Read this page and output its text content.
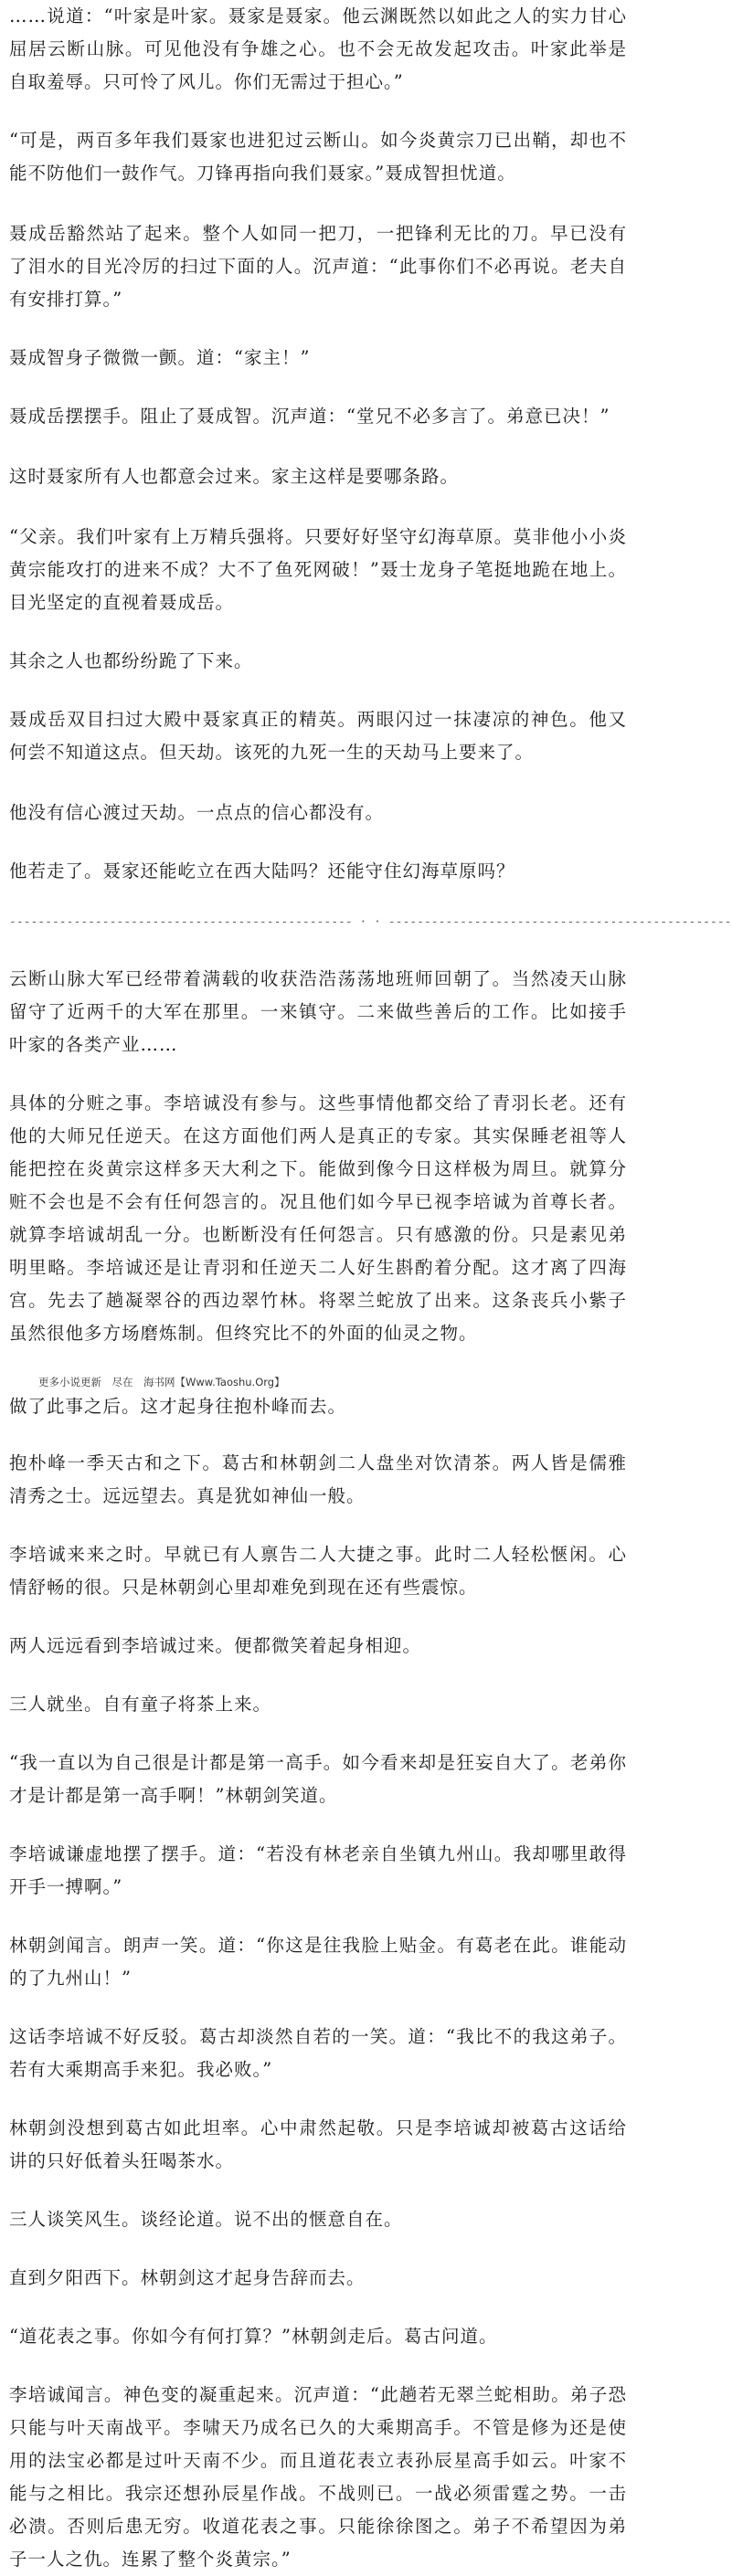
……说道：“叶家是叶家。聂家是聂家。他云渊既然以如此之人的实力甘心屈居云断山脉。可见他没有争雄之心。也不会无故发起攻击。叶家此举是自取羞辱。只可怜了风儿。你们无需过于担心。”

“可是，两百多年我们聂家也进犯过云断山。如今炎黄宗刀已出鞘，却也不能不防他们一鼓作气。刀锋再指向我们聂家。”聂成智担忧道。

聂成岳豁然站了起来。整个人如同一把刀，一把锋利无比的刀。早已没有了泪水的目光冷厉的扫过下面的人。沉声道：“此事你们不必再说。老夫自有安排打算。”

聂成智身子微微一颤。道：“家主！”

聂成岳摆摆手。阻止了聂成智。沉声道：“堂兄不必多言了。弟意已决！”

这时聂家所有人也都意会过来。家主这样是要哪条路。

“父亲。我们叶家有上万精兵强将。只要好好坚守幻海草原。莫非他小小炎黄宗能攻打的进来不成？大不了鱼死网破！”聂士龙身子笔挺地跪在地上。目光坚定的直视着聂成岳。

其余之人也都纷纷跪了下来。

聂成岳双目扫过大殿中聂家真正的精英。两眼闪过一抹凄凉的神色。他又何尝不知道这点。但天劫。该死的九死一生的天劫马上要来了。

他没有信心渡过天劫。一点点的信心都没有。

他若走了。聂家还能屹立在西大陆吗？还能守住幻海草原吗？

------------------------------------------------ · · ------------------------------------------------

云断山脉大军已经带着满载的收获浩浩荡荡地班师回朝了。当然凌天山脉留守了近两千的大军在那里。一来镇守。二来做些善后的工作。比如接手叶家的各类产业……

具体的分赃之事。李培诚没有参与。这些事情他都交给了青羽长老。还有他的大师兄任逆天。在这方面他们两人是真正的专家。其实保睡老祖等人能把控在炎黄宗这样多天大利之下。能做到像今日这样极为周旦。就算分赃不会也是不会有任何怨言的。况且他们如今早已视李培诚为首尊长者。就算李培诚胡乱一分。也断断没有任何怨言。只有感激的份。只是素见弟明里略。李培诚还是让青羽和任逆天二人好生斟酌着分配。这才离了四海宫。先去了趟凝翠谷的西边翠竹林。将翠兰蛇放了出来。这条丧兵小紫子虽然很他多方场磨炼制。但终究比不的外面的仙灵之物。

更多小说更新　尽在　海书网【Www.Taoshu.Org】

做了此事之后。这才起身往抱朴峰而去。

抱朴峰一季天古和之下。葛古和林朝剑二人盘坐对饮清茶。两人皆是儒雅清秀之士。远远望去。真是犹如神仙一般。

李培诚来来之时。早就已有人禀告二人大捷之事。此时二人轻松愜闲。心情舒畅的很。只是林朝剑心里却难免到现在还有些震惊。

两人远远看到李培诚过来。便都微笑着起身相迎。

三人就坐。自有童子将茶上来。

“我一直以为自己很是计都是第一高手。如今看来却是狂妄自大了。老弟你才是计都是第一高手啊！”林朝剑笑道。

李培诚谦虚地摆了摆手。道：“若没有林老亲自坐镇九州山。我却哪里敢得开手一搏啊。”

林朝剑闻言。朗声一笑。道：“你这是往我脸上贴金。有葛老在此。谁能动的了九州山！”

这话李培诚不好反驳。葛古却淡然自若的一笑。道：“我比不的我这弟子。若有大乘期高手来犯。我必败。”

林朝剑没想到葛古如此坦率。心中肃然起敬。只是李培诚却被葛古这话给讲的只好低着头狂喝茶水。

三人谈笑风生。谈经论道。说不出的惬意自在。

直到夕阳西下。林朝剑这才起身告辞而去。

“道花表之事。你如今有何打算？”林朝剑走后。葛古问道。

李培诚闻言。神色变的凝重起来。沉声道：“此趟若无翠兰蛇相助。弟子恐只能与叶天南战平。李啸天乃成名已久的大乘期高手。不管是修为还是使用的法宝必都是过叶天南不少。而且道花表立表孙辰星高手如云。叶家不能与之相比。我宗还想孙辰星作战。不战则已。一战必须雷霆之势。一击必溃。否则后患无穷。收道花表之事。只能徐徐图之。弟子不希望因为弟子一人之仇。连累了整个炎黄宗。”
